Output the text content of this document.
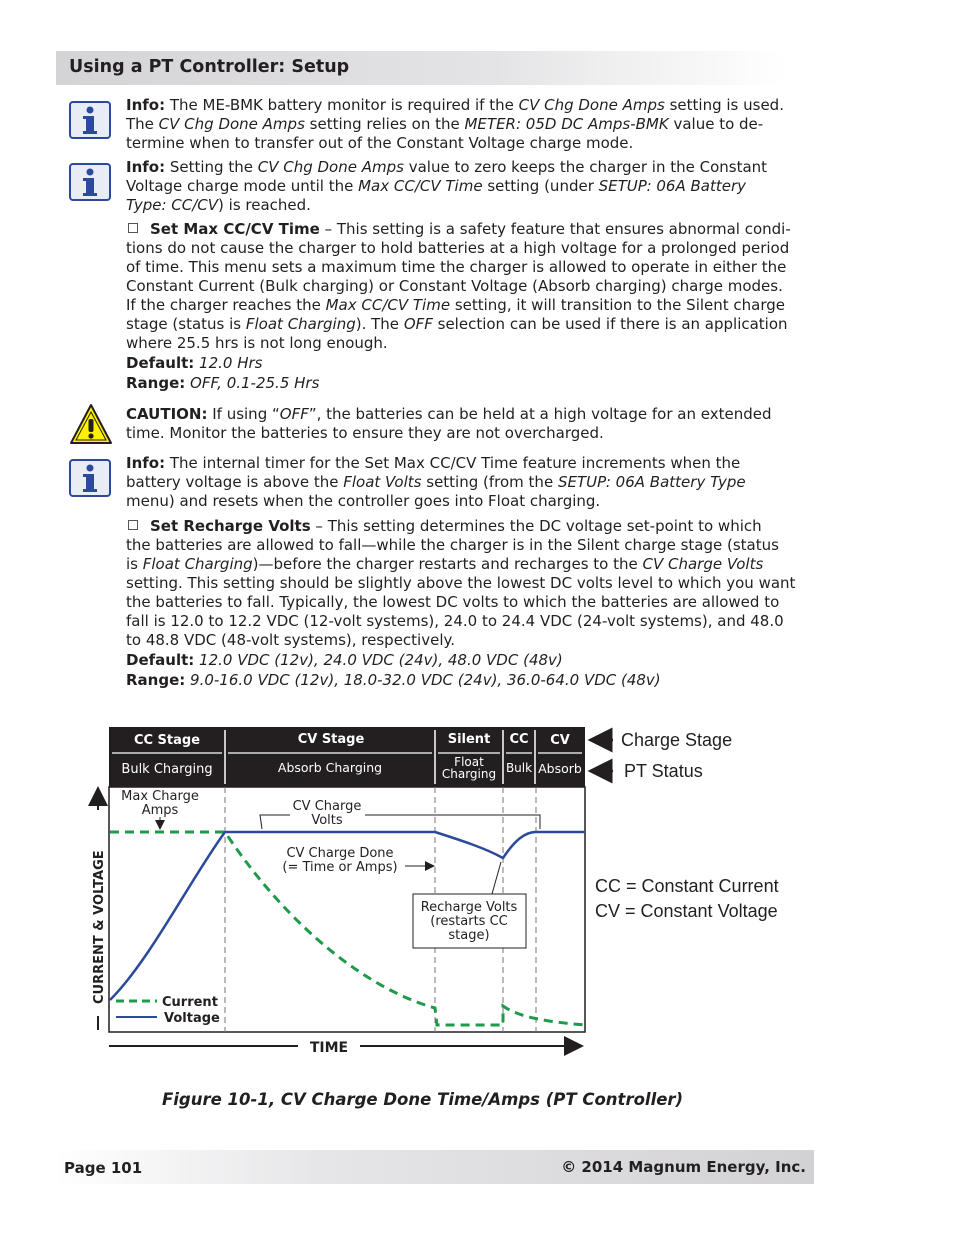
Using a PT Controller: Setup
Info: The ME-BMK battery monitor is required if the CV Chg Done Amps setting is used.
The CV Chg Done Amps setting relies on the METER: 05D DC Amps-BMK value to de-
termine when to transfer out of the Constant Voltage charge mode.
Info: Setting the CV Chg Done Amps value to zero keeps the charger in the Constant
Voltage charge mode until the Max CC/CV Time setting (under SETUP: 06A Battery
Type: CC/CV) is reached.
Set Max CC/CV Time – This setting is a safety feature that ensures abnormal condi-
tions do not cause the charger to hold batteries at a high voltage for a prolonged period
of time. This menu sets a maximum time the charger is allowed to operate in either the
Constant Current (Bulk charging) or Constant Voltage (Absorb charging) charge modes.
If the charger reaches the Max CC/CV Time setting, it will transition to the Silent charge
stage (status is Float Charging). The OFF selection can be used if there is an application
where 25.5 hrs is not long enough.
Default: 12.0 Hrs
Range: OFF, 0.1-25.5 Hrs
CAUTION: If using “OFF”, the batteries can be held at a high voltage for an extended
time. Monitor the batteries to ensure they are not overcharged.
Info: The internal timer for the Set Max CC/CV Time feature increments when the
battery voltage is above the Float Volts setting (from the SETUP: 06A Battery Type
menu) and resets when the controller goes into Float charging.
Set Recharge Volts – This setting determines the DC voltage set-point to which
the batteries are allowed to fall—while the charger is in the Silent charge stage (status
is Float Charging)—before the charger restarts and recharges to the CV Charge Volts
setting. This setting should be slightly above the lowest DC volts level to which you want
the batteries to fall. Typically, the lowest DC volts to which the batteries are allowed to
fall is 12.0 to 12.2 VDC (12-volt systems), 24.0 to 24.4 VDC (24-volt systems), and 48.0
to 48.8 VDC (48-volt systems), respectively.
Default: 12.0 VDC (12v), 24.0 VDC (24v), 48.0 VDC (48v)
Range: 9.0-16.0 VDC (12v), 18.0-32.0 VDC (24v), 36.0-64.0 VDC (48v)
CC Stage	CV Stage	Silent CC CV
Bulk Charging	Absorb Charging	Float
Charging Bulk Absorb
Max Charge
Amps	CV Charge
Volts
CV Charge Done
(= Time or Amps)
Recharge Volts
(restarts CC
stage)
Current
Voltage
CURRENT & VOLTAGE
TIME
Charge Stage
PT Status
CC = Constant Current
CV = Constant Voltage
Figure 10-1, CV Charge Done Time/Amps (PT Controller)
Page 101	© 2014 Magnum Energy, Inc.
